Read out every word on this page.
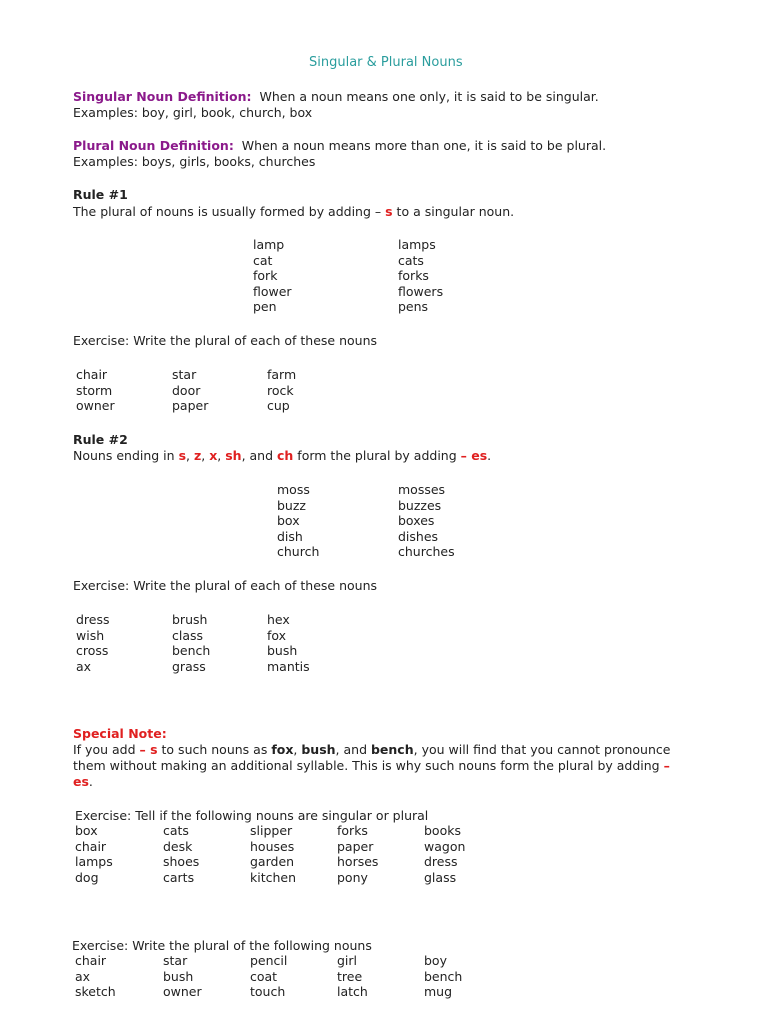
Singular & Plural Nouns
Singular Noun Definition: When a noun means one only, it is said to be singular.
Examples: boy, girl, book, church, box
Plural Noun Definition: When a noun means more than one, it is said to be plural.
Examples: boys, girls, books, churches
Rule #1
The plural of nouns is usually formed by adding – s to a singular noun.
lamp
cat
fork
flower
pen
lamps
cats
forks
flowers
pens
Exercise: Write the plural of each of these nouns
chair
storm
owner
star
door
paper
farm
rock
cup
Rule #2
Nouns ending in s, z, x, sh, and ch form the plural by adding – es.
moss
buzz
box
dish
church
mosses
buzzes
boxes
dishes
churches
Exercise: Write the plural of each of these nouns
dress
wish
cross
ax
brush
class
bench
grass
hex
fox
bush
mantis
Special Note:
If you add – s to such nouns as fox, bush, and bench, you will find that you cannot pronounce
them without making an additional syllable. This is why such nouns form the plural by adding –
es.
Exercise: Tell if the following nouns are singular or plural
box
chair
lamps
dog
cats
desk
shoes
carts
slipper
houses
garden
kitchen
forks
paper
horses
pony
books
wagon
dress
glass
Exercise: Write the plural of the following nouns
chair
ax
sketch
star
bush
owner
pencil
coat
touch
girl
tree
latch
boy
bench
mug
